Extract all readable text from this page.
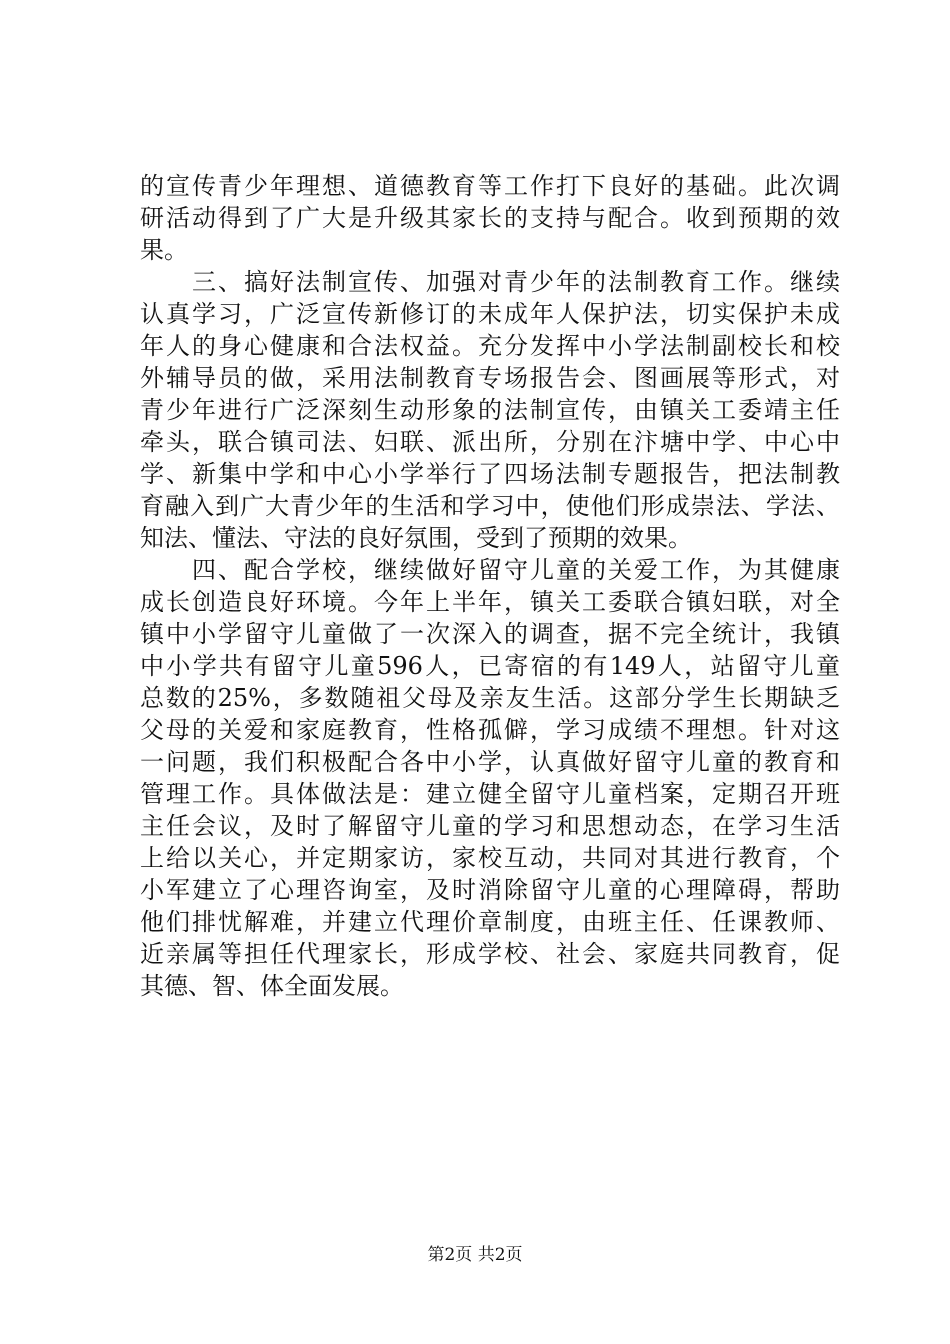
的宣传青少年理想、道德教育等工作打下良好的基础。此次调
研活动得到了广大是升级其家长的支持与配合。收到预期的效
果。
　　三、搞好法制宣传、加强对青少年的法制教育工作。继续
认真学习，广泛宣传新修订的未成年人保护法，切实保护未成
年人的身心健康和合法权益。充分发挥中小学法制副校长和校
外辅导员的做，采用法制教育专场报告会、图画展等形式，对
青少年进行广泛深刻生动形象的法制宣传，由镇关工委靖主任
牵头，联合镇司法、妇联、派出所，分别在汴塘中学、中心中
学、新集中学和中心小学举行了四场法制专题报告，把法制教
育融入到广大青少年的生活和学习中，使他们形成崇法、学法、
知法、懂法、守法的良好氛围，受到了预期的效果。
　　四、配合学校，继续做好留守儿童的关爱工作，为其健康
成长创造良好环境。今年上半年，镇关工委联合镇妇联，对全
镇中小学留守儿童做了一次深入的调查，据不完全统计，我镇
中小学共有留守儿童596人，已寄宿的有149人，站留守儿童
总数的25%，多数随祖父母及亲友生活。这部分学生长期缺乏
父母的关爱和家庭教育，性格孤僻，学习成绩不理想。针对这
一问题，我们积极配合各中小学，认真做好留守儿童的教育和
管理工作。具体做法是：建立健全留守儿童档案，定期召开班
主任会议，及时了解留守儿童的学习和思想动态，在学习生活
上给以关心，并定期家访，家校互动，共同对其进行教育，个
小军建立了心理咨询室，及时消除留守儿童的心理障碍，帮助
他们排忧解难，并建立代理价章制度，由班主任、任课教师、
近亲属等担任代理家长，形成学校、社会、家庭共同教育，促
其德、智、体全面发展。
第2页 共2页
